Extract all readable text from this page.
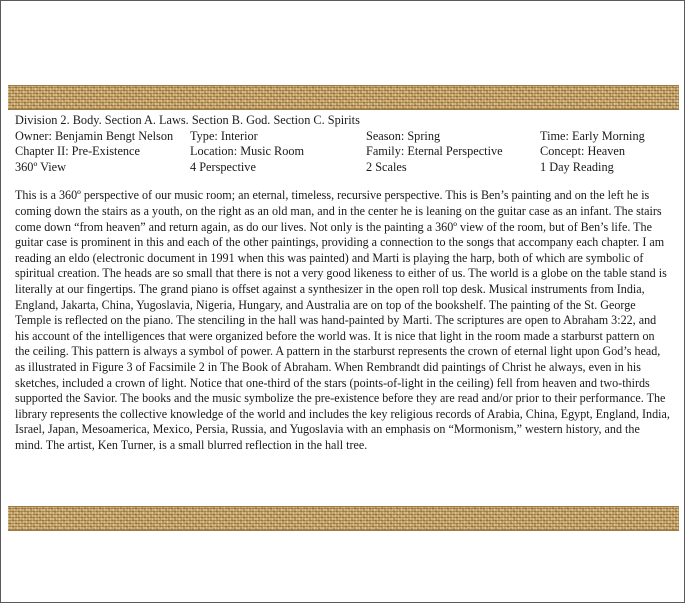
Division 2. Body. Section A. Laws. Section B. God. Section C. Spirits
Owner: Benjamin Bengt Nelson	Type: Interior	Season: Spring	Time: Early Morning
Chapter II: Pre-Existence	Location: Music Room	Family: Eternal Perspective	Concept: Heaven
360º View	4 Perspective	2 Scales	1 Day Reading

This is a 360º perspective of our music room; an eternal, timeless, recursive perspective. This is Ben’s painting and on the left he is coming down the stairs as a youth, on the right as an old man, and in the center he is leaning on the guitar case as an infant. The stairs come down “from heaven” and return again, as do our lives. Not only is the painting a 360º view of the room, but of Ben’s life. The guitar case is prominent in this and each of the other paintings, providing a connection to the songs that accompany each chapter. I am reading an eldo (electronic document in 1991 when this was painted) and Marti is playing the harp, both of which are symbolic of spiritual creation. The heads are so small that there is not a very good likeness to either of us. The world is a globe on the table stand is literally at our fingertips. The grand piano is offset against a synthesizer in the open roll top desk. Musical instruments from India, England, Jakarta, China, Yugoslavia, Nigeria, Hungary, and Australia are on top of the bookshelf. The painting of the St. George Temple is reflected on the piano. The stenciling in the hall was hand-painted by Marti. The scriptures are open to Abraham 3:22, and his account of the intelligences that were organized before the world was. It is nice that light in the room made a starburst pattern on the ceiling. This pattern is always a symbol of power. A pattern in the starburst represents the crown of eternal light upon God’s head, as illustrated in Figure 3 of Facsimile 2 in The Book of Abraham. When Rembrandt did paintings of Christ he always, even in his sketches, included a crown of light. Notice that one-third of the stars (points-of-light in the ceiling) fell from heaven and two-thirds supported the Savior. The books and the music symbolize the pre-existence before they are read and/or prior to their performance. The library represents the collective knowledge of the world and includes the key religious records of Arabia, China, Egypt, England, India, Israel, Japan, Mesoamerica, Mexico, Persia, Russia, and Yugoslavia with an emphasis on “Mormonism,” western history, and the mind. The artist, Ken Turner, is a small blurred reflection in the hall tree.
